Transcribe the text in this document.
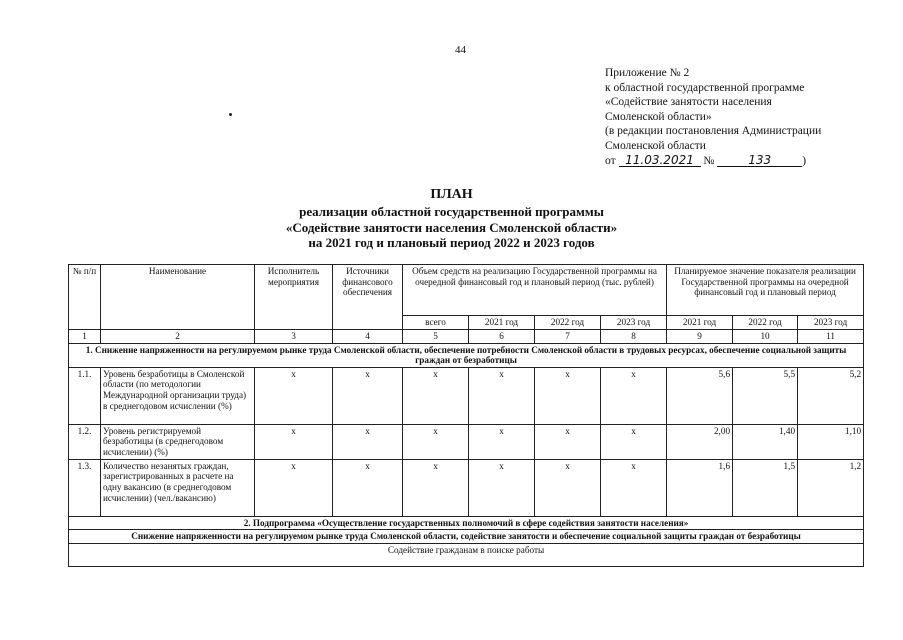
44
Приложение № 2
к областной государственной программе
«Содействие занятости населения
Смоленской области»
(в редакции постановления Администрации
Смоленской области
от 11.03.2021 №	133	)
ПЛАН
реализации областной государственной программы
«Содействие занятости населения Смоленской области»
на 2021 год и плановый период 2022 и 2023 годов
№ п/п	Наименование	Исполнитель мероприятия	Источники финансового обеспечения	Объем средств на реализацию Государственной программы на очередной финансовый год и плановый период (тыс. рублей)				Планируемое значение показателя реализации Государственной программы на очередной финансовый год и плановый период		
				всего	2021 год	2022 год	2023 год	2021 год	2022 год	2023 год
1	2	3	4	5	6	7	8	9	10	11
1. Снижение напряженности на регулируемом рынке труда Смоленской области, обеспечение потребности Смоленской области в трудовых ресурсах, обеспечение социальной защиты граждан от безработицы										
1.1.	Уровень безработицы в Смоленской области (по методологии Международной организации труда) в среднегодовом исчислении (%)	х	х	х	х	х	х	5,6	5,5	5,2
1.2.	Уровень регистрируемой безработицы (в среднегодовом исчислении) (%)	х	х	х	х	х	х	2,00	1,40	1,10
1.3.	Количество незанятых граждан, зарегистрированных в расчете на одну вакансию (в среднегодовом исчислении) (чел./вакансию)	х	х	х	х	х	х	1,6	1,5	1,2
2. Подпрограмма «Осуществление государственных полномочий в сфере содействия занятости населения»										
Снижение напряженности на регулируемом рынке труда Смоленской области, содействие занятости и обеспечение социальной защиты граждан от безработицы										
Содействие гражданам в поиске работы										
